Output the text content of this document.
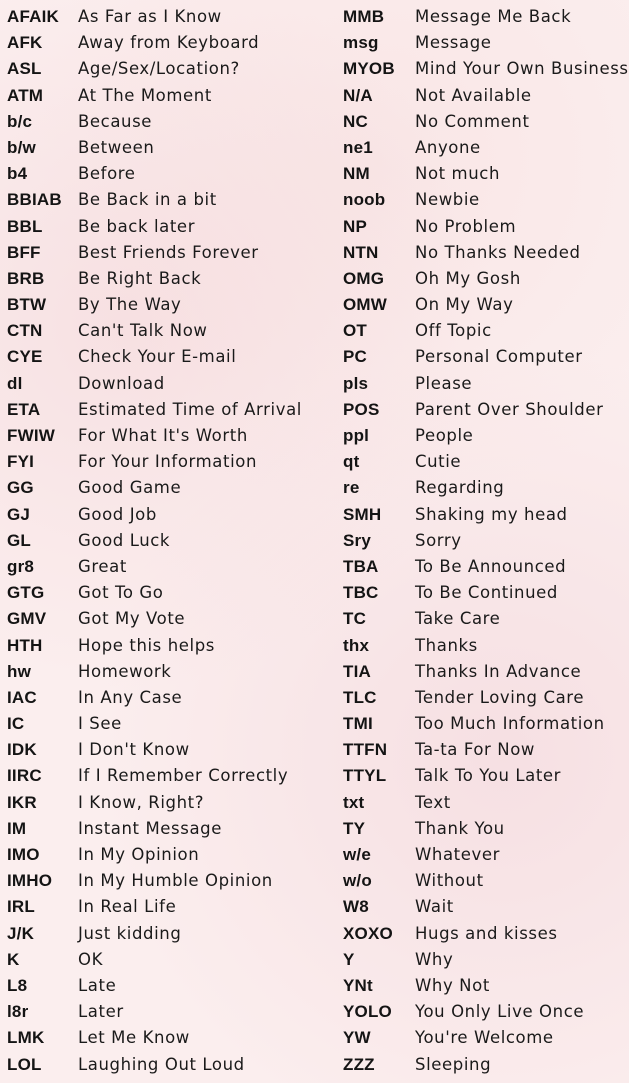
AFAIK	As Far as I Know
AFK	Away from Keyboard
ASL	Age/Sex/Location?
ATM	At The Moment
b/c	Because
b/w	Between
b4	Before
BBIAB Be Back in a bit
BBL	Be back later
BFF	Best Friends Forever
BRB	Be Right Back
BTW	By The Way
CTN	Can't Talk Now
CYE	Check Your E-mail
dl	Download
ETA	Estimated Time of Arrival
FWIW	For What It's Worth
FYI	For Your Information
GG	Good Game
GJ	Good Job
GL	Good Luck
gr8	Great
GTG	Got To Go
GMV	Got My Vote
HTH	Hope this helps
hw	Homework
IAC	In Any Case
IC	I See
IDK	I Don't Know
IIRC	If I Remember Correctly
IKR	I Know, Right?
IM	Instant Message
IMO	In My Opinion
IMHO	In My Humble Opinion
IRL	In Real Life
J/K	Just kidding
K	OK
L8	Late
l8r	Later
LMK	Let Me Know
LOL	Laughing Out Loud
MMB	Message Me Back
msg	Message
MYOB	Mind Your Own Business
N/A	Not Available
NC	No Comment
ne1	Anyone
NM	Not much
noob	Newbie
NP	No Problem
NTN	No Thanks Needed
OMG	Oh My Gosh
OMW	On My Way
OT	Off Topic
PC	Personal Computer
pls	Please
POS	Parent Over Shoulder
ppl	People
qt	Cutie
re	Regarding
SMH	Shaking my head
Sry	Sorry
TBA	To Be Announced
TBC	To Be Continued
TC	Take Care
thx	Thanks
TIA	Thanks In Advance
TLC	Tender Loving Care
TMI	Too Much Information
TTFN	Ta-ta For Now
TTYL	Talk To You Later
txt	Text
TY	Thank You
w/e	Whatever
w/o	Without
W8	Wait
XOXO	Hugs and kisses
Y	Why
YNt	Why Not
YOLO	You Only Live Once
YW	You're Welcome
ZZZ	Sleeping
